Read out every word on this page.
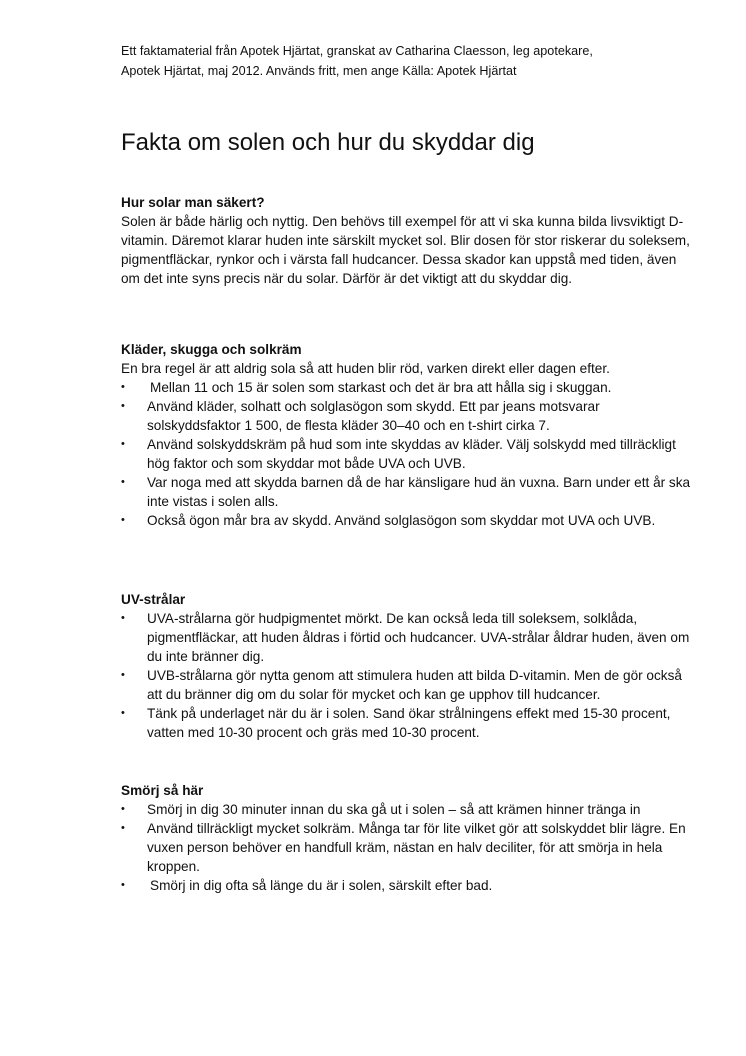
Ett faktamaterial från Apotek Hjärtat, granskat av Catharina Claesson, leg apotekare,
Apotek Hjärtat, maj 2012. Används fritt, men ange Källa: Apotek Hjärtat
Fakta om solen och hur du skyddar dig

Hur solar man säkert?

Solen är både härlig och nyttig. Den behövs till exempel för att vi ska kunna bilda livsviktigt D-vitamin. Däremot klarar huden inte särskilt mycket sol. Blir dosen för stor riskerar du soleksem, pigmentfläckar, rynkor och i värsta fall hudcancer. Dessa skador kan uppstå med tiden, även om det inte syns precis när du solar. Därför är det viktigt att du skyddar dig.

Kläder, skugga och solkräm

En bra regel är att aldrig sola så att huden blir röd, varken direkt eller dagen efter.

•	Mellan 11 och 15 är solen som starkast och det är bra att hålla sig i skuggan.
•	Använd kläder, solhatt och solglasögon som skydd. Ett par jeans motsvarar solskyddsfaktor 1 500, de flesta kläder 30–40 och en t-shirt cirka 7.
•	Använd solskyddskräm på hud som inte skyddas av kläder. Välj solskydd med tillräckligt hög faktor och som skyddar mot både UVA och UVB.
•	Var noga med att skydda barnen då de har känsligare hud än vuxna. Barn under ett år ska inte vistas i solen alls.
•	Också ögon mår bra av skydd. Använd solglasögon som skyddar mot UVA och UVB.

UV-strålar

•	UVA-strålarna gör hudpigmentet mörkt. De kan också leda till soleksem, solklåda, pigmentfläckar, att huden åldras i förtid och hudcancer. UVA-strålar åldrar huden, även om du inte bränner dig.
•	UVB-strålarna gör nytta genom att stimulera huden att bilda D-vitamin. Men de gör också att du bränner dig om du solar för mycket och kan ge upphov till hudcancer.
•	Tänk på underlaget när du är i solen. Sand ökar strålningens effekt med 15-30 procent, vatten med 10-30 procent och gräs med 10-30 procent.

Smörj så här

•	Smörj in dig 30 minuter innan du ska gå ut i solen – så att krämen hinner tränga in
•	Använd tillräckligt mycket solkräm. Många tar för lite vilket gör att solskyddet blir lägre. En vuxen person behöver en handfull kräm, nästan en halv deciliter, för att smörja in hela kroppen.
•	Smörj in dig ofta så länge du är i solen, särskilt efter bad.
